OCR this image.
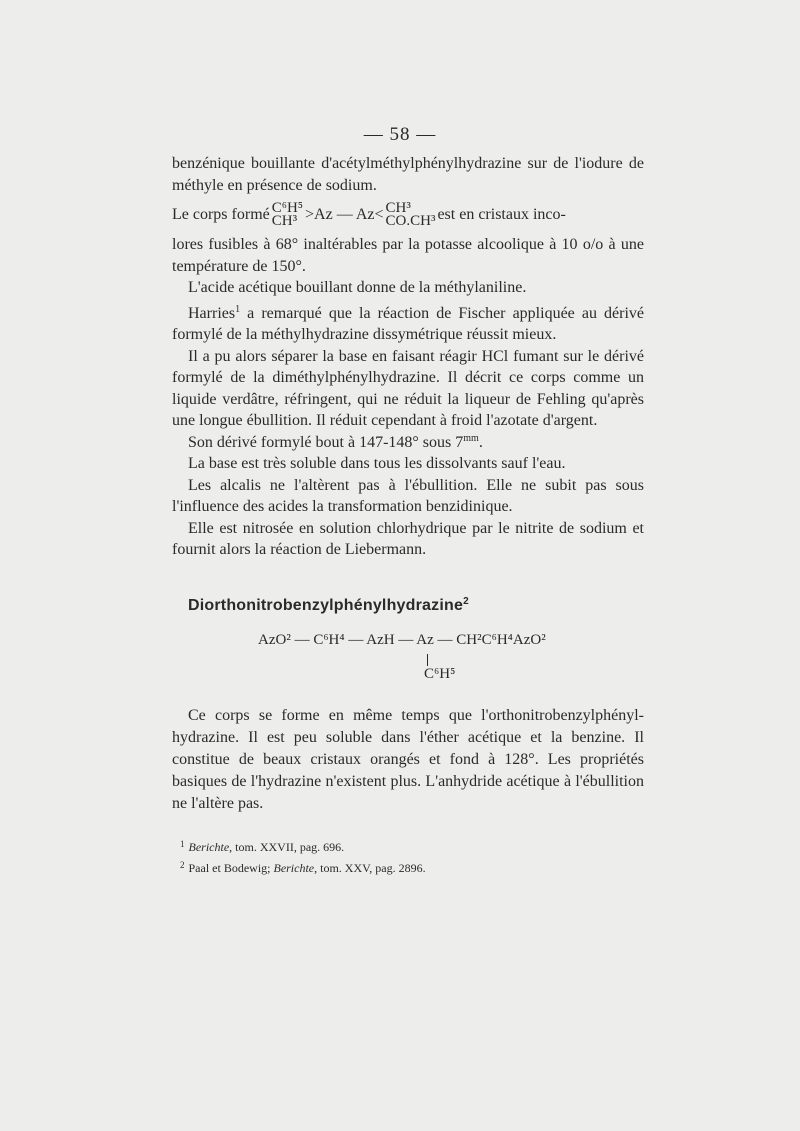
— 58 —

benzénique bouillante d'acétylméthylphénylhydrazine sur de l'iodure de méthyle en présence de sodium.

Le corps formé C⁶H⁵
CH³ >Az — Az < CH³
CO.CH³ est en cristaux inco-

lores fusibles à 68° inaltérables par la potasse alcoolique à 10 o/o à une température de 150°.

L'acide acétique bouillant donne de la méthylaniline.

Harries$^1$ a remarqué que la réaction de Fischer appliquée au dérivé formylé de la méthylhydrazine dissymétrique réussit mieux.

Il a pu alors séparer la base en faisant réagir HCl fumant sur le dérivé formylé de la diméthylphénylhydrazine. Il décrit ce corps comme un liquide verdâtre, réfringent, qui ne réduit la liqueur de Fehling qu'après une longue ébullition. Il réduit cependant à froid l'azotate d'argent.

Son dérivé formylé bout à 147-148° sous $7^{mm}$.

La base est très soluble dans tous les dissolvants sauf l'eau.

Les alcalis ne l'altèrent pas à l'ébullition. Elle ne subit pas sous l'influence des acides la transformation benzidinique.

Elle est nitrosée en solution chlorhydrique par le nitrite de sodium et fournit alors la réaction de Liebermann.

Diorthonitrobenzylphénylhydrazine$^2$
AzO² — C⁶H⁴ — AzH — Az — CH²C⁶H⁴AzO²
C⁶H⁵

Ce corps se forme en même temps que l'orthonitrobenzylphényl-hydrazine. Il est peu soluble dans l'éther acétique et la benzine. Il constitue de beaux cristaux orangés et fond à 128°. Les propriétés basiques de l'hydrazine n'existent plus. L'anhydride acétique à l'ébullition ne l'altère pas.

$^1$ Berichte, tom. XXVII, pag. 696.
$^2$ Paal et Bodewig; Berichte, tom. XXV, pag. 2896.
